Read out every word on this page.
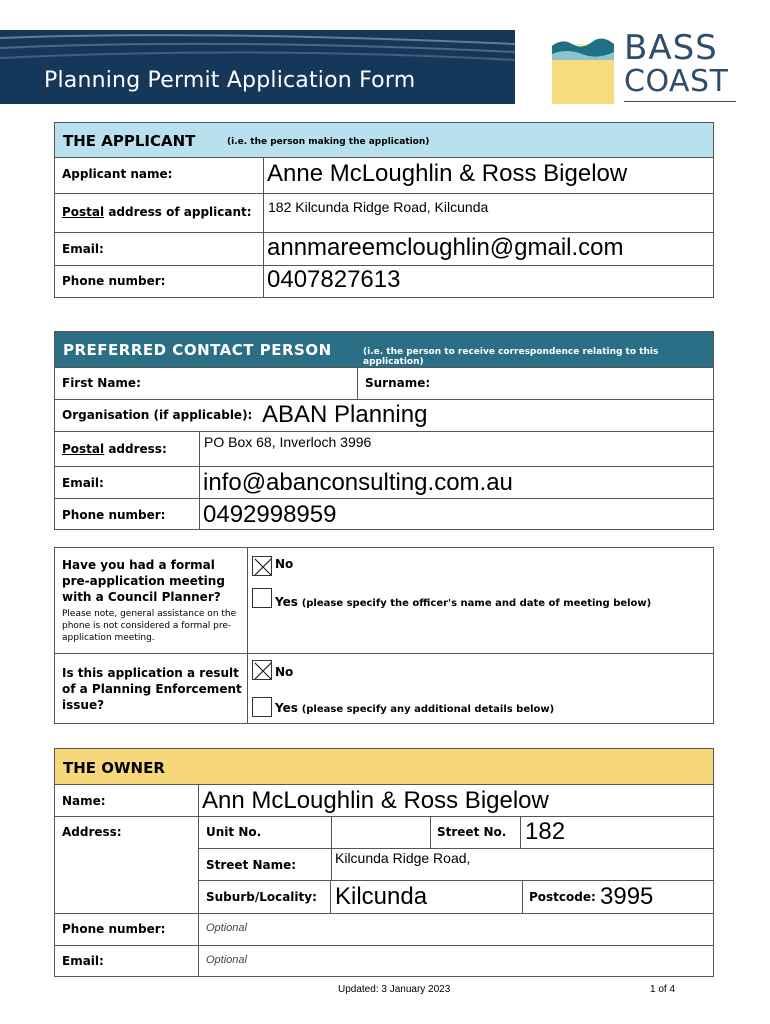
Planning Permit Application Form
BASS
COAST
THE APPLICANT	(i.e. the person making the application)
Applicant name:	Anne McLoughlin & Ross Bigelow
Postal address of applicant: 182 Kilcunda Ridge Road, Kilcunda
Email:	annmareemcloughlin@gmail.com
Phone number:	0407827613
PREFERRED CONTACT PERSON	(i.e. the person to receive correspondence relating to this application)
First Name:	Surname:
Organisation (if applicable): ABAN Planning
Postal address:	PO Box 68, Inverloch 3996
Email:	info@abanconsulting.com.au
Phone number: 0492998959
Have you had a formal pre-application meeting with a Council Planner?
Please note, general assistance on the phone is not considered a formal pre-application meeting.
No
Yes (please specify the officer's name and date of meeting below)
Is this application a result of a Planning Enforcement issue?
No
Yes (please specify any additional details below)
THE OWNER
Name:	Ann McLoughlin & Ross Bigelow
Address:	Unit No.	Street No. 182
Street Name:	Kilcunda Ridge Road,
Suburb/Locality: Kilcunda	Postcode: 3995
Phone number:	Optional
Email:	Optional
Updated: 3 January 2023	1 of 4
